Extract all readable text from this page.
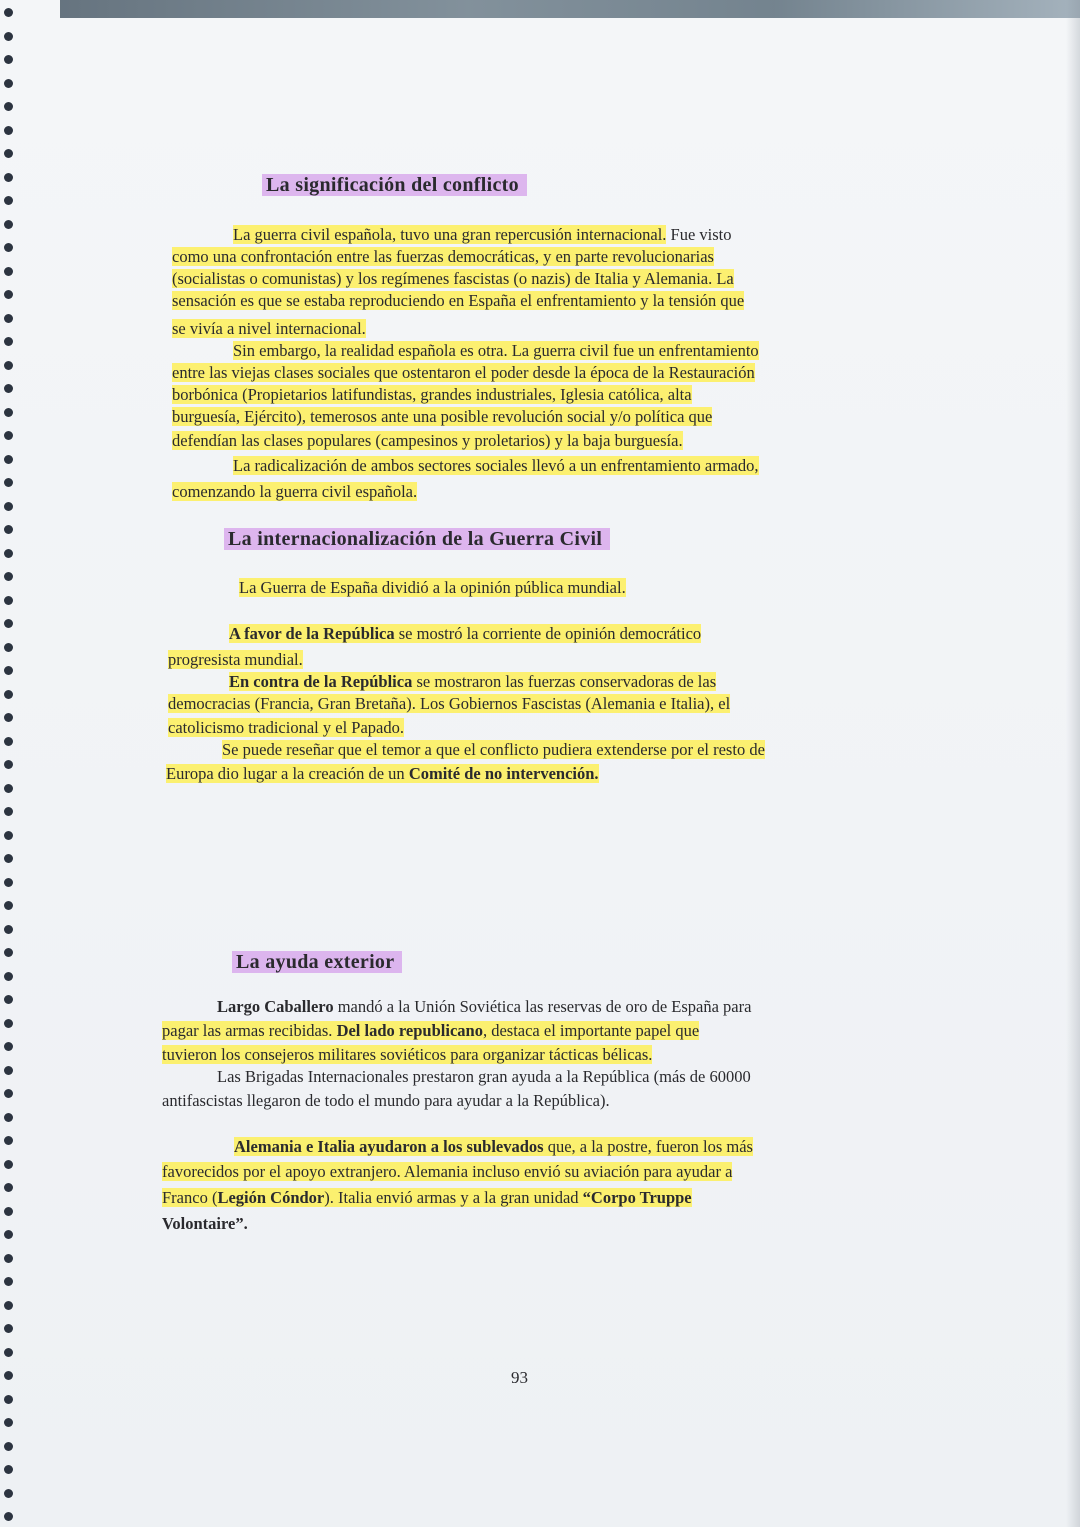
La significación del conflicto

La guerra civil española, tuvo una gran repercusión internacional. Fue visto

como una confrontación entre las fuerzas democráticas, y en parte revolucionarias

(socialistas o comunistas) y los regímenes fascistas (o nazis) de Italia y Alemania. La

sensación es que se estaba reproduciendo en España el enfrentamiento y la tensión que

se vivía a nivel internacional.

Sin embargo, la realidad española es otra. La guerra civil fue un enfrentamiento

entre las viejas clases sociales que ostentaron el poder desde la época de la Restauración

borbónica (Propietarios latifundistas, grandes industriales, Iglesia católica, alta

burguesía, Ejército), temerosos ante una posible revolución social y/o política que

defendían las clases populares (campesinos y proletarios) y la baja burguesía.

La radicalización de ambos sectores sociales llevó a un enfrentamiento armado,

comenzando la guerra civil española.

La internacionalización de la Guerra Civil

La Guerra de España dividió a la opinión pública mundial.

A favor de la República se mostró la corriente de opinión democrático

progresista mundial.

En contra de la República se mostraron las fuerzas conservadoras de las

democracias (Francia, Gran Bretaña). Los Gobiernos Fascistas (Alemania e Italia), el

catolicismo tradicional y el Papado.

Se puede reseñar que el temor a que el conflicto pudiera extenderse por el resto de

Europa dio lugar a la creación de un Comité de no intervención.

La ayuda exterior

Largo Caballero mandó a la Unión Soviética las reservas de oro de España para

pagar las armas recibidas. Del lado republicano, destaca el importante papel que

tuvieron los consejeros militares soviéticos para organizar tácticas bélicas.

Las Brigadas Internacionales prestaron gran ayuda a la República (más de 60000

antifascistas llegaron de todo el mundo para ayudar a la República).

Alemania e Italia ayudaron a los sublevados que, a la postre, fueron los más

favorecidos por el apoyo extranjero. Alemania incluso envió su aviación para ayudar a

Franco (Legión Cóndor). Italia envió armas y a la gran unidad “Corpo Truppe

Volontaire”.

93
